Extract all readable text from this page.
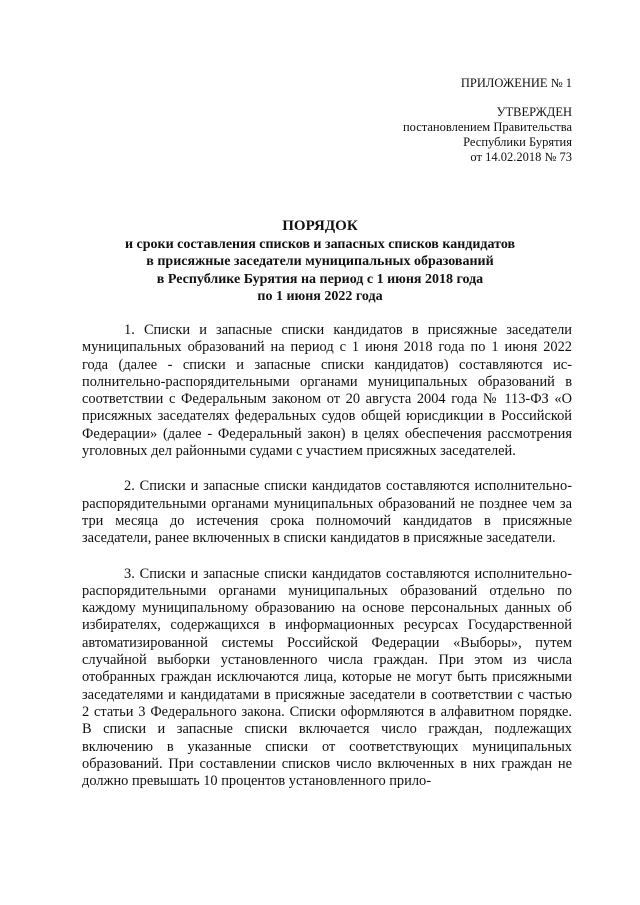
ПРИЛОЖЕНИЕ № 1
УТВЕРЖДЕН
постановлением Правительства
Республики Бурятия
от 14.02.2018 № 73
ПОРЯДОК
и сроки составления списков и запасных списков кандидатов
в присяжные заседатели муниципальных образований
в Республике Бурятия на период с 1 июня 2018 года
по 1 июня 2022 года

1. Списки и запасные списки кандидатов в присяжные заседатели муниципальных образований на период с 1 июня 2018 года по 1 июня 2022 года (далее - списки и запасные списки кандидатов) составляются исполнительно-распорядительными органами муниципальных образований в соответствии с Федеральным законом от 20 августа 2004 года № 113-ФЗ «О присяжных заседателях федеральных судов общей юрисдикции в Российской Федерации» (далее - Федеральный закон) в целях обеспечения рассмотрения уголовных дел районными судами с участием присяжных заседателей.

2. Списки и запасные списки кандидатов составляются исполнительно-распорядительными органами муниципальных образований не позднее чем за три месяца до истечения срока полномочий кандидатов в присяжные заседатели, ранее включенных в списки кандидатов в присяжные заседатели.

3. Списки и запасные списки кандидатов составляются исполнительно-распорядительными органами муниципальных образований отдельно по каждому муниципальному образованию на основе персональных данных об избирателях, содержащихся в информационных ресурсах Государственной автоматизированной системы Российской Федерации «Выборы», путем случайной выборки установленного числа граждан. При этом из числа отобранных граждан исключаются лица, которые не могут быть присяжными заседателями и кандидатами в присяжные заседатели в соответствии с частью 2 статьи 3 Федерального закона. Списки оформляются в алфавитном порядке. В списки и запасные списки включается число граждан, подлежащих включению в указанные списки от соответствующих муниципальных образований. При составлении списков число включенных в них граждан не должно превышать 10 процентов установленного прило-
